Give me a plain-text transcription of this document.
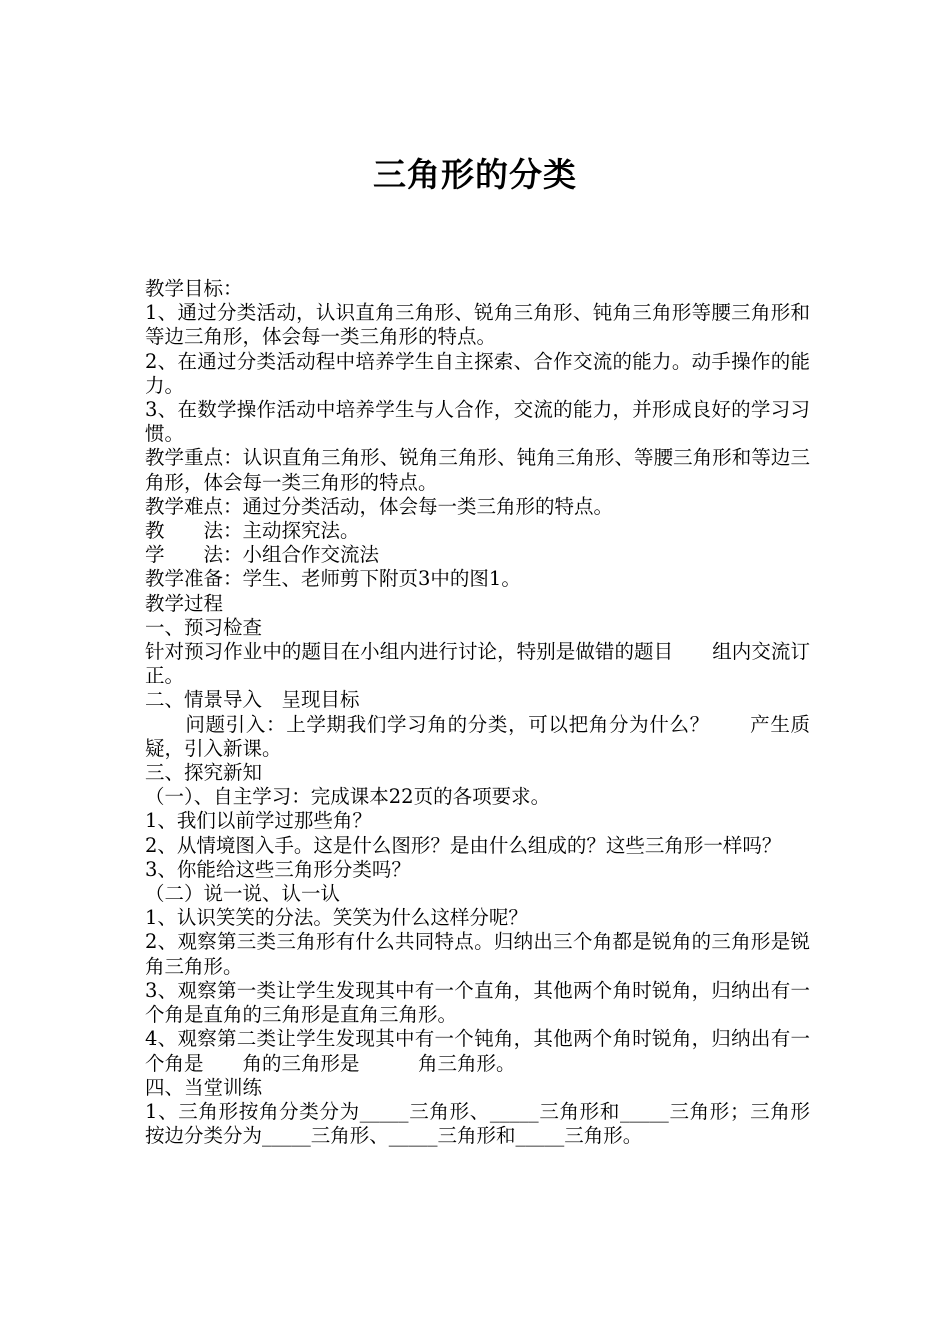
三角形的分类

教学目标：

1、通过分类活动，认识直角三角形、锐角三角形、钝角三角形等腰三角形和等边三角形，体会每一类三角形的特点。

2、在通过分类活动程中培养学生自主探索、合作交流的能力。动手操作的能力。

3、在数学操作活动中培养学生与人合作，交流的能力，并形成良好的学习习惯。

教学重点：认识直角三角形、锐角三角形、钝角三角形、等腰三角形和等边三角形，体会每一类三角形的特点。

教学难点：通过分类活动，体会每一类三角形的特点。

教　　法：主动探究法。

学　　法：小组合作交流法

教学准备：学生、老师剪下附页3中的图1。

教学过程

一、预习检查

针对预习作业中的题目在小组内进行讨论，特别是做错的题目　　组内交流订正。

二、情景导入　呈现目标

　　问题引入：上学期我们学习角的分类，可以把角分为什么？　　产生质疑，引入新课。

三、探究新知

（一）、自主学习：完成课本22页的各项要求。

1、我们以前学过那些角？

2、从情境图入手。这是什么图形？是由什么组成的？这些三角形一样吗？

3、你能给这些三角形分类吗？

（二）说一说、认一认

1、认识笑笑的分法。笑笑为什么这样分呢？

2、观察第三类三角形有什么共同特点。归纳出三个角都是锐角的三角形是锐角三角形。

3、观察第一类让学生发现其中有一个直角，其他两个角时锐角，归纳出有一个角是直角的三角形是直角三角形。

4、观察第二类让学生发现其中有一个钝角，其他两个角时锐角，归纳出有一个角是　　角的三角形是　　　角三角形。

四、当堂训练

1、三角形按角分类分为_____三角形、_____三角形和_____三角形；三角形按边分类分为_____三角形、_____三角形和_____三角形。
